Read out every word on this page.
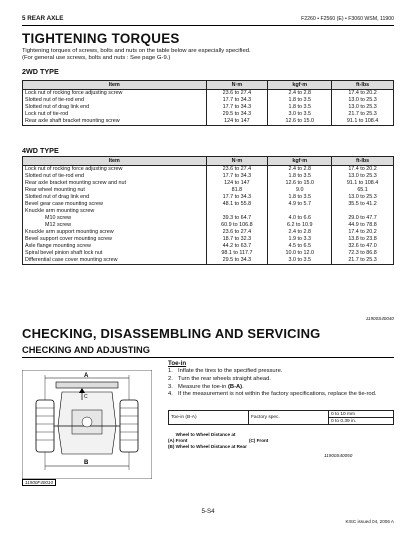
5 REAR AXLE	F2260 • F2560 (E) • F3060 WSM, 11900
TIGHTENING TORQUES
Tightening torques of screws, bolts and nuts on the table below are especially specified.
(For general use screws, bolts and nuts : See page G-9.)
2WD TYPE
Item	N·m	kgf·m	ft-lbs
Lock nut of rocking force adjusting screw	23.6 to 27.4	2.4 to 2.8	17.4 to 20.2
Slotted nut of tie-rod end	17.7 to 34.3	1.8 to 3.5	13.0 to 25.3
Slotted nut of drag link end	17.7 to 34.3	1.8 to 3.5	13.0 to 25.3
Lock nut of tie-rod	29.5 to 34.3	3.0 to 3.5	21.7 to 25.3
Rear axle shaft bracket mounting screw	124 to 147	12.6 to 15.0	91.1 to 108.4
4WD TYPE
Item	N·m	kgf·m	ft-lbs
Lock nut of rocking force adjusting screw	23.6 to 27.4	2.4 to 2.8	17.4 to 20.2
Slotted nut of tie-rod end	17.7 to 34.3	1.8 to 3.5	13.0 to 25.3
Rear axle bracket mounting screw and nut	124 to 147	12.6 to 15.0	91.1 to 108.4
Rear wheel mounting nut	81.8	9.0	65.1
Slotted nut of drag link end	17.7 to 34.3	1.8 to 3.5	13.0 to 25.3
Bevel gear case mounting screw	48.1 to 55.8	4.9 to 5.7	35.5 to 41.2
Knuckle arm mounting screw			
M10 screw	39.3 to 64.7	4.0 to 6.6	29.0 to 47.7
M12 screw	60.9 to 106.8	6.2 to 10.9	44.9 to 78.8
Knuckle arm support mounting screw	23.6 to 27.4	2.4 to 2.8	17.4 to 20.2
Bevel support cover mounting screw	18.7 to 32.3	1.9 to 3.3	13.8 to 23.8
Axle flange mounting screw	44.2 to 63.7	4.5 to 6.5	32.6 to 47.0
Spiral bevel pinion shaft lock nut	98.1 to 117.7	10.0 to 12.0	72.3 to 86.8
Differential case cover mounting screw	29.5 to 34.3	3.0 to 3.5	21.7 to 25.3
11900S40040
CHECKING, DISASSEMBLING AND SERVICING
CHECKING AND ADJUSTING
A
C
B
11900F40010
Toe-in
1. Inflate the tires to the specified pressure.
2. Turn the rear wheels straight ahead.
3. Measure the toe-in (B-A).
4. If the measurement is not within the factory specifications, replace the tie-rod.
Toe-in (B-A)	Factory spec.	0 to 10 mm
0 to 0.39 in.
(A) Wheel to Wheel Distance at Front	(C) Front
(B) Wheel to Wheel Distance at Rear
11900S40050
5-S4
KISC issued 04, 2006 A
